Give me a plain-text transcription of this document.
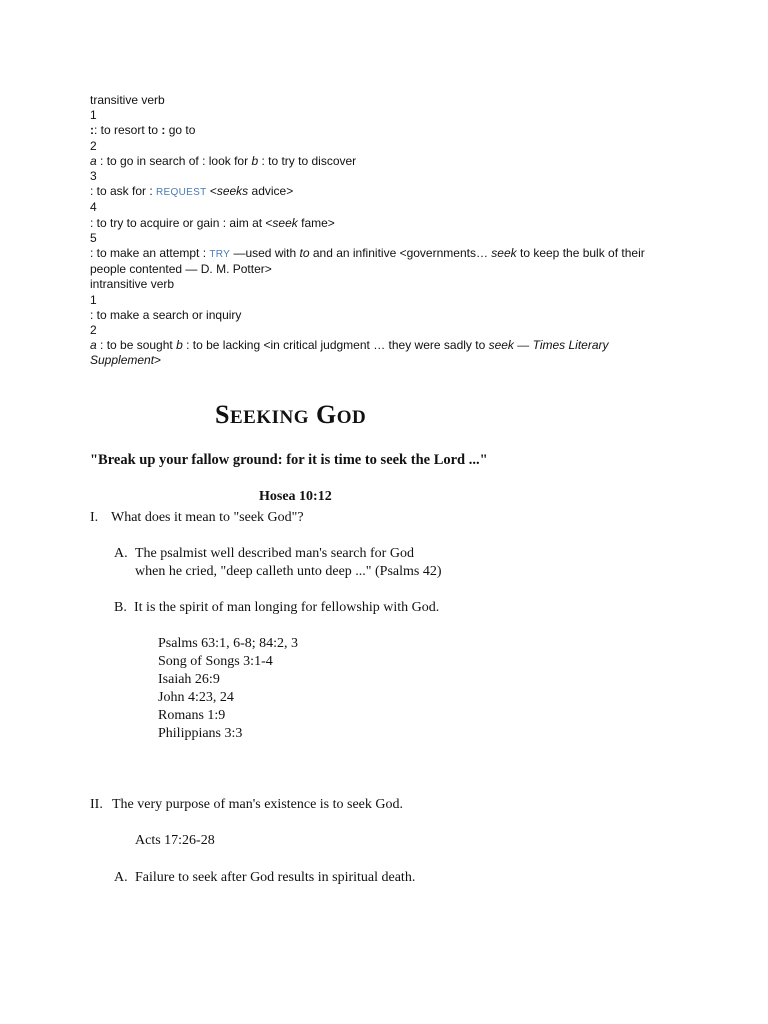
transitive verb
1
:: to resort to : go to
2
a : to go in search of : look for b : to try to discover
3
: to ask for : REQUEST <seeks advice>
4
: to try to acquire or gain : aim at <seek fame>
5
: to make an attempt : TRY —used with to and an infinitive <governments… seek to keep the bulk of their people contented — D. M. Potter>
intransitive verb
1
: to make a search or inquiry
2
a : to be sought b : to be lacking <in critical judgment … they were sadly to seek — Times Literary Supplement>
SEEKING GOD
"Break up your fallow ground: for it is time to seek the Lord ..."
Hosea 10:12
I. What does it mean to "seek God"?
A. The psalmist well described man's search for God
when he cried, "deep calleth unto deep ..." (Psalms 42)
B. It is the spirit of man longing for fellowship with God.
Psalms 63:1, 6-8; 84:2, 3
Song of Songs 3:1-4
Isaiah 26:9
John 4:23, 24
Romans 1:9
Philippians 3:3
II. The very purpose of man's existence is to seek God.
Acts 17:26-28
A. Failure to seek after God results in spiritual death.
